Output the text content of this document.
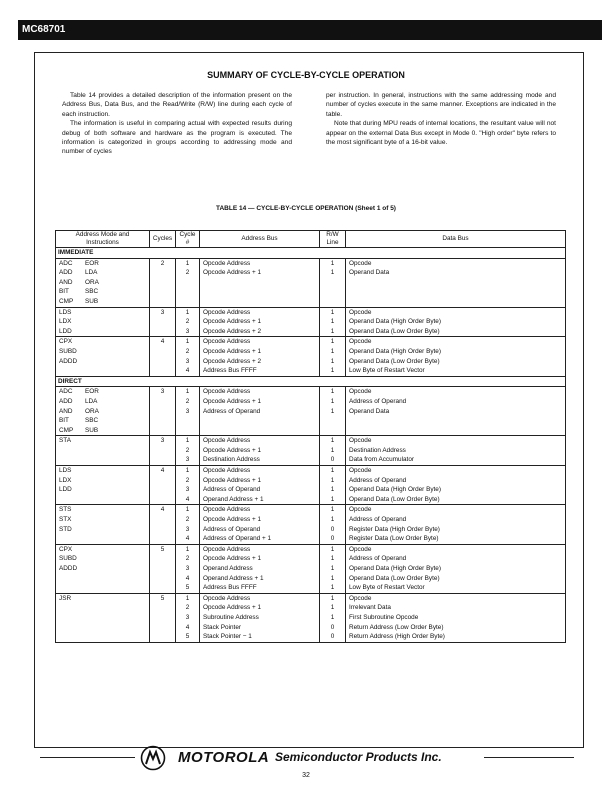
MC68701
SUMMARY OF CYCLE-BY-CYCLE OPERATION

Table 14 provides a detailed description of the information present on the Address Bus, Data Bus, and the Read/Write (R/W) line during each cycle of each instruction.

The information is useful in comparing actual with expected results during debug of both software and hardware as the program is executed. The information is categorized in groups according to addressing mode and number of cycles

per instruction. In general, instructions with the same addressing mode and number of cycles execute in the same manner. Exceptions are indicated in the table.

Note that during MPU reads of internal locations, the resultant value will not appear on the external Data Bus except in Mode 0. "High order" byte refers to the most significant byte of a 16-bit value.

TABLE 14 — CYCLE-BY-CYCLE OPERATION (Sheet 1 of 5)
Address Mode and
Instructions	Cycles	Cycle
#	Address Bus	R/W
Line	Data Bus
IMMEDIATE					
ADC EOR	2	1	Opcode Address	1	Opcode
ADD LDA		2	Opcode Address + 1	1	Operand Data
AND ORA					
BIT SBC					
CMP SUB					
LDS	3	1	Opcode Address	1	Opcode
LDX		2	Opcode Address + 1	1	Operand Data (High Order Byte)
LDD		3	Opcode Address + 2	1	Operand Data (Low Order Byte)
CPX	4	1	Opcode Address	1	Opcode
SUBD		2	Opcode Address + 1	1	Operand Data (High Order Byte)
ADDD		3	Opcode Address + 2	1	Operand Data (Low Order Byte)
		4	Address Bus FFFF	1	Low Byte of Restart Vector
DIRECT					
ADC EOR	3	1	Opcode Address	1	Opcode
ADD LDA		2	Opcode Address + 1	1	Address of Operand
AND ORA		3	Address of Operand	1	Operand Data
BIT SBC					
CMP SUB					
STA	3	1	Opcode Address	1	Opcode
		2	Opcode Address + 1	1	Destination Address
		3	Destination Address	0	Data from Accumulator
LDS	4	1	Opcode Address	1	Opcode
LDX		2	Opcode Address + 1	1	Address of Operand
LDD		3	Address of Operand	1	Operand Data (High Order Byte)
		4	Operand Address + 1	1	Operand Data (Low Order Byte)
STS	4	1	Opcode Address	1	Opcode
STX		2	Opcode Address + 1	1	Address of Operand
STD		3	Address of Operand	0	Register Data (High Order Byte)
		4	Address of Operand + 1	0	Register Data (Low Order Byte)
CPX	5	1	Opcode Address	1	Opcode
SUBD		2	Opcode Address + 1	1	Address of Operand
ADDD		3	Operand Address	1	Operand Data (High Order Byte)
		4	Operand Address + 1	1	Operand Data (Low Order Byte)
		5	Address Bus FFFF	1	Low Byte of Restart Vector
JSR	5	1	Opcode Address	1	Opcode
		2	Opcode Address + 1	1	Irrelevant Data
		3	Subroutine Address	1	First Subroutine Opcode
		4	Stack Pointer	0	Return Address (Low Order Byte)
		5	Stack Pointer − 1	0	Return Address (High Order Byte)
MOTOROLA Semiconductor Products Inc.
32
